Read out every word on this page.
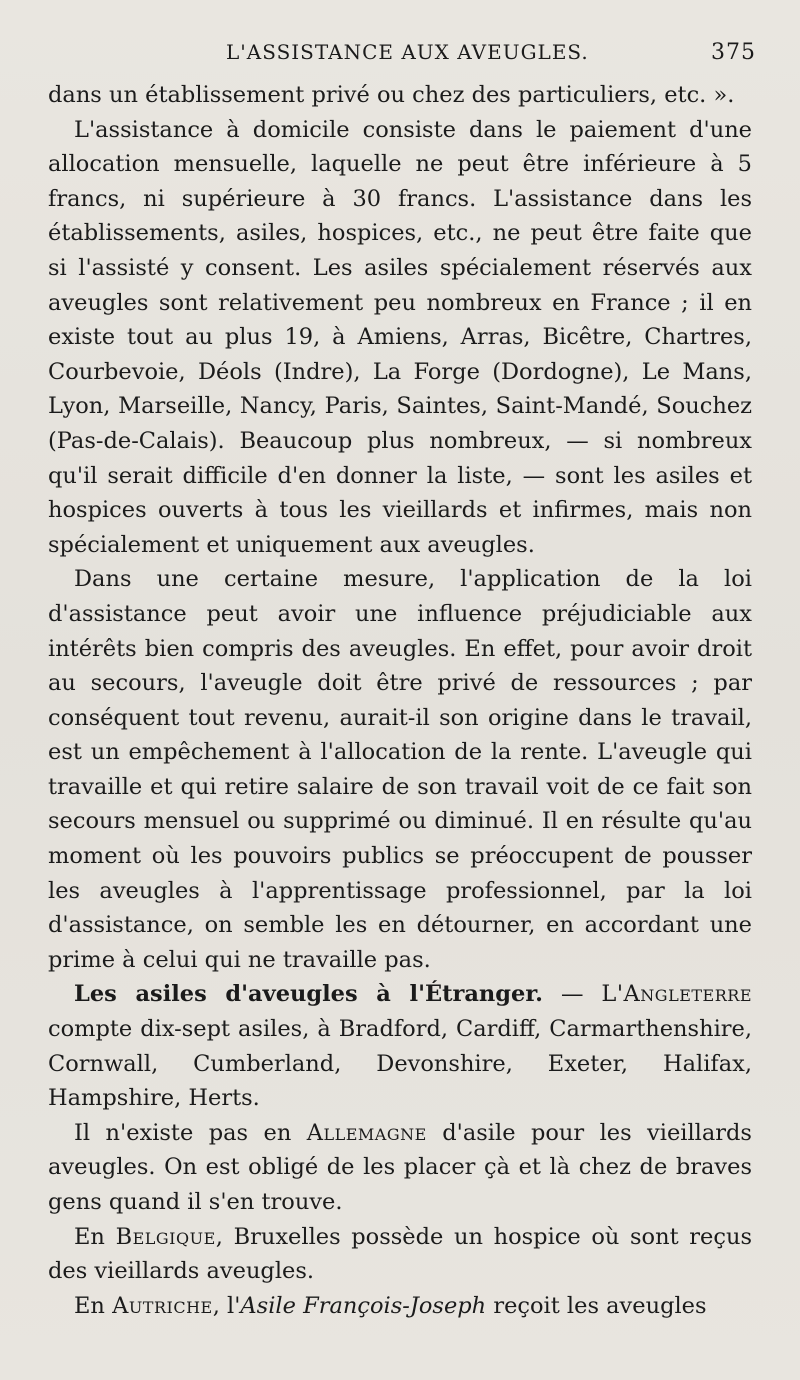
L'ASSISTANCE AUX AVEUGLES.	375

dans un établissement privé ou chez des particuliers, etc. ».

L'assistance à domicile consiste dans le paiement d'une allocation mensuelle, laquelle ne peut être inférieure à 5 francs, ni supérieure à 30 francs. L'assistance dans les établissements, asiles, hospices, etc., ne peut être faite que si l'assisté y consent. Les asiles spécialement réservés aux aveugles sont relativement peu nombreux en France ; il en existe tout au plus 19, à Amiens, Arras, Bicêtre, Chartres, Courbevoie, Déols (Indre), La Forge (Dordogne), Le Mans, Lyon, Marseille, Nancy, Paris, Saintes, Saint-Mandé, Souchez (Pas-de-Calais). Beaucoup plus nombreux, — si nombreux qu'il serait difficile d'en donner la liste, — sont les asiles et hospices ouverts à tous les vieillards et infirmes, mais non spécialement et uniquement aux aveugles.

Dans une certaine mesure, l'application de la loi d'assistance peut avoir une influence préjudiciable aux intérêts bien compris des aveugles. En effet, pour avoir droit au secours, l'aveugle doit être privé de ressources ; par conséquent tout revenu, aurait-il son origine dans le travail, est un empêchement à l'allocation de la rente. L'aveugle qui travaille et qui retire salaire de son travail voit de ce fait son secours mensuel ou supprimé ou diminué. Il en résulte qu'au moment où les pouvoirs publics se préoccupent de pousser les aveugles à l'apprentissage professionnel, par la loi d'assistance, on semble les en détourner, en accordant une prime à celui qui ne travaille pas.

Les asiles d'aveugles à l'Étranger. — L'Angleterre compte dix-sept asiles, à Bradford, Cardiff, Carmarthenshire, Cornwall, Cumberland, Devonshire, Exeter, Halifax, Hampshire, Herts.

Il n'existe pas en Allemagne d'asile pour les vieillards aveugles. On est obligé de les placer çà et là chez de braves gens quand il s'en trouve.

En Belgique, Bruxelles possède un hospice où sont reçus des vieillards aveugles.

En Autriche, l'Asile François-Joseph reçoit les aveugles
